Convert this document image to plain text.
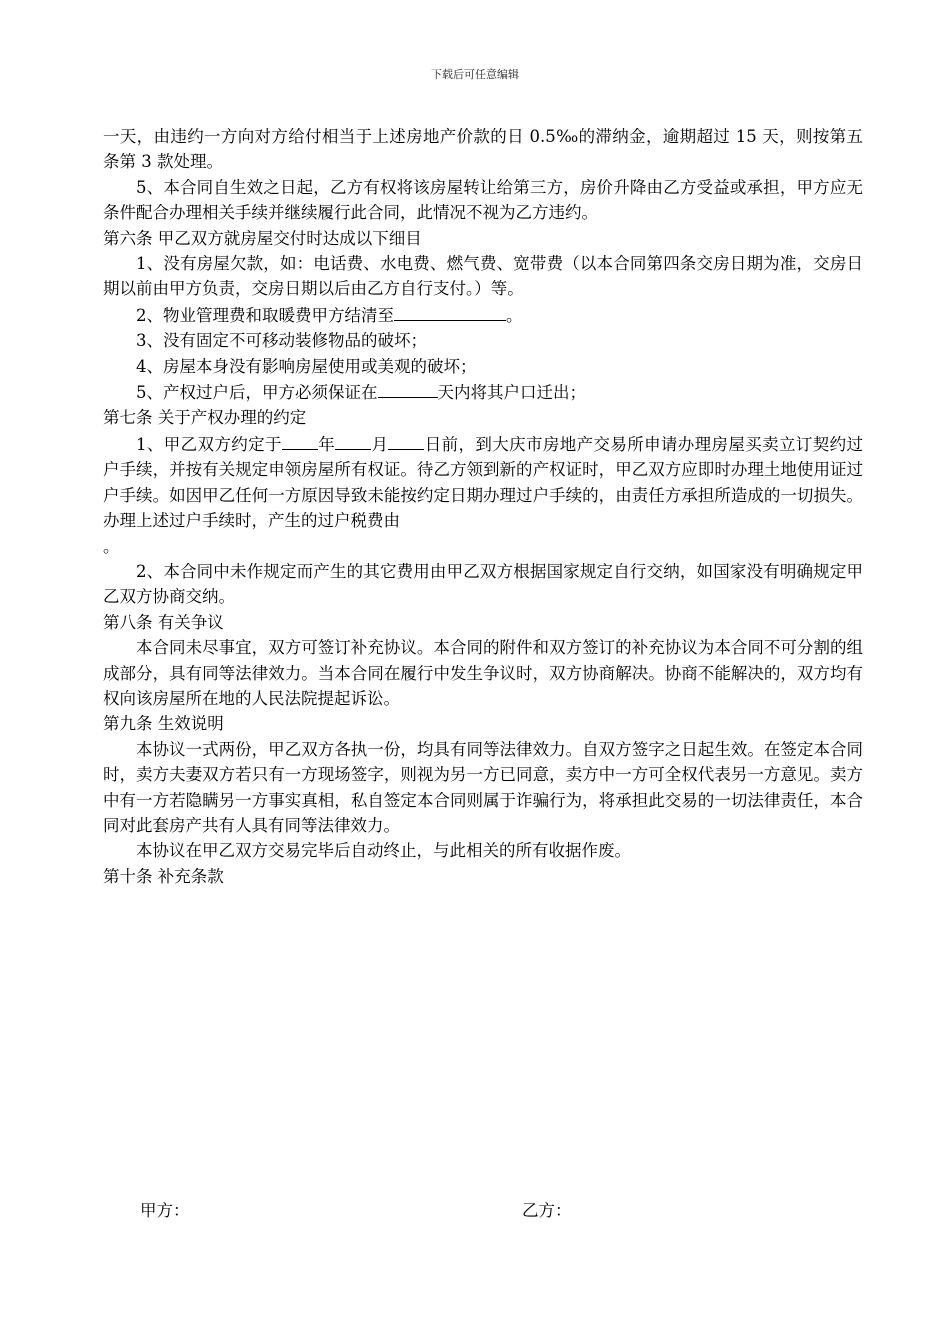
下载后可任意编辑

一天，由违约一方向对方给付相当于上述房地产价款的日 0.5‰的滞纳金，逾期超过 15 天，则按第五条第 3 款处理。

5、本合同自生效之日起，乙方有权将该房屋转让给第三方，房价升降由乙方受益或承担，甲方应无条件配合办理相关手续并继续履行此合同，此情况不视为乙方违约。

第六条 甲乙双方就房屋交付时达成以下细目

1、没有房屋欠款，如：电话费、水电费、燃气费、宽带费（以本合同第四条交房日期为准，交房日期以前由甲方负责，交房日期以后由乙方自行支付。）等。

2、物业管理费和取暖费甲方结清至	。

3、没有固定不可移动装修物品的破坏；

4、房屋本身没有影响房屋使用或美观的破坏；

5、产权过户后，甲方必须保证在	天内将其户口迁出；

第七条 关于产权办理的约定

1、甲乙双方约定于 年 月 日前，到大庆市房地产交易所申请办理房屋买卖立订契约过户手续，并按有关规定申领房屋所有权证。待乙方领到新的产权证时，甲乙双方应即时办理土地使用证过户手续。如因甲乙任何一方原因导致未能按约定日期办理过户手续的，由责任方承担所造成的一切损失。办理上述过户手续时，产生的过户税费由
。

2、本合同中未作规定而产生的其它费用由甲乙双方根据国家规定自行交纳，如国家没有明确规定甲乙双方协商交纳。

第八条 有关争议

本合同未尽事宜，双方可签订补充协议。本合同的附件和双方签订的补充协议为本合同不可分割的组成部分，具有同等法律效力。当本合同在履行中发生争议时，双方协商解决。协商不能解决的，双方均有权向该房屋所在地的人民法院提起诉讼。

第九条 生效说明

本协议一式两份，甲乙双方各执一份，均具有同等法律效力。自双方签字之日起生效。在签定本合同时，卖方夫妻双方若只有一方现场签字，则视为另一方已同意，卖方中一方可全权代表另一方意见。卖方中有一方若隐瞒另一方事实真相，私自签定本合同则属于诈骗行为，将承担此交易的一切法律责任，本合同对此套房产共有人具有同等法律效力。

本协议在甲乙双方交易完毕后自动终止，与此相关的所有收据作废。

第十条 补充条款

甲方：	乙方：
